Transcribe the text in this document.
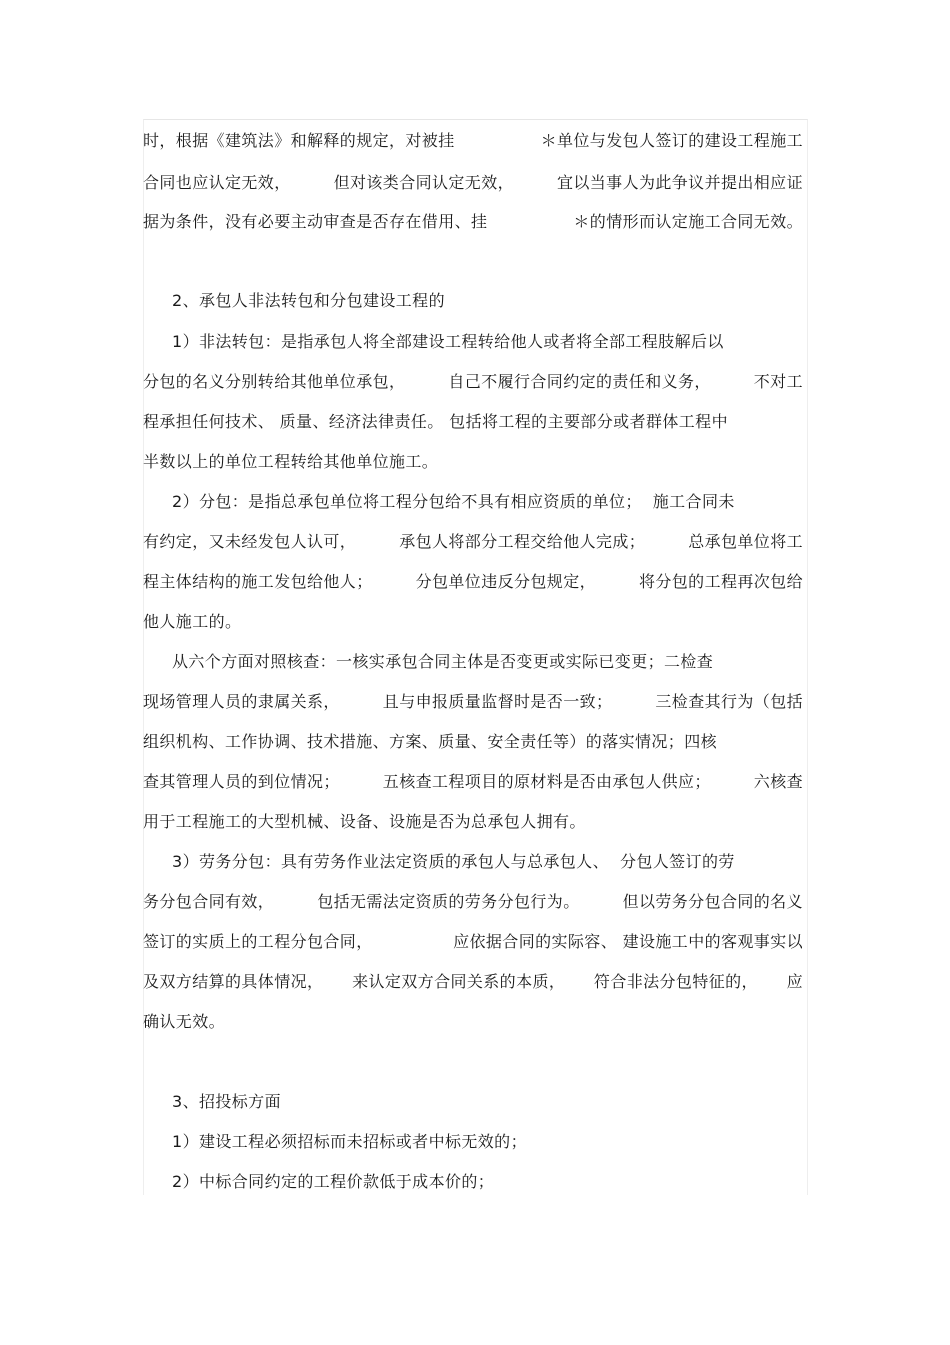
时，根据《建筑法》和解释的规定，对被挂	＊单位与发包人签订的建设工程施工
合同也应认定无效，	但对该类合同认定无效，	宜以当事人为此争议并提出相应证
据为条件，没有必要主动审查是否存在借用、挂	＊的情形而认定施工合同无效。
2、承包人非法转包和分包建设工程的
1）非法转包：是指承包人将全部建设工程转给他人或者将全部工程肢解后以
分包的名义分别转给其他单位承包，	自己不履行合同约定的责任和义务，	不对工
程承担任何技术、 质量、经济法律责任。 包括将工程的主要部分或者群体工程中
半数以上的单位工程转给其他单位施工。
2）分包：是指总承包单位将工程分包给不具有相应资质的单位；  施工合同未
有约定，又未经发包人认可，	承包人将部分工程交给他人完成；	总承包单位将工
程主体结构的施工发包给他人；	分包单位违反分包规定，	将分包的工程再次包给
他人施工的。
从六个方面对照核查：一核实承包合同主体是否变更或实际已变更；二检查
现场管理人员的隶属关系，	且与申报质量监督时是否一致；	三检查其行为（包括
组织机构、工作协调、技术措施、方案、质量、安全责任等）的落实情况；四核
查其管理人员的到位情况；	五核查工程项目的原材料是否由承包人供应；	六核查
用于工程施工的大型机械、设备、设施是否为总承包人拥有。
3）劳务分包：具有劳务作业法定资质的承包人与总承包人、  分包人签订的劳
务分包合同有效，	包括无需法定资质的劳务分包行为。	但以劳务分包合同的名义
签订的实质上的工程分包合同，	应依据合同的实际容、 建设施工中的客观事实以
及双方结算的具体情况， 来认定双方合同关系的本质， 符合非法分包特征的， 应
确认无效。
3、招投标方面
1）建设工程必须招标而未招标或者中标无效的；
2）中标合同约定的工程价款低于成本价的；
